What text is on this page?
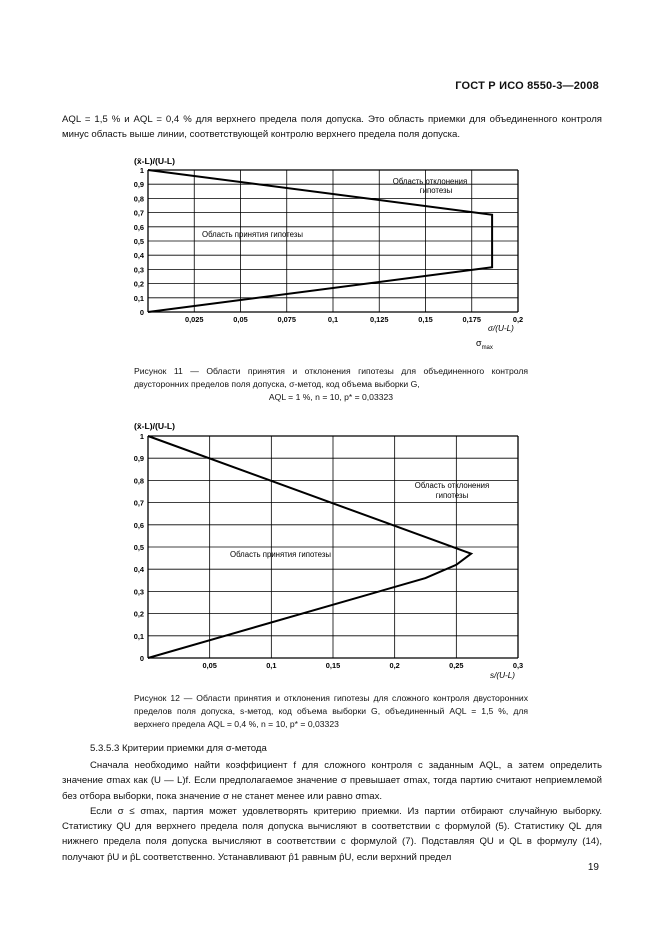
ГОСТ Р ИСО 8550-3—2008
AQL = 1,5 % и AQL = 0,4 % для верхнего предела поля допуска. Это область приемки для объединенного контроля минус область выше линии, соответствующей контролю верхнего предела поля допуска.
(x̄-L)/(U-L)
0,025	0,05	0,075	0,1	0,125	0,15	0,175	0,2
0
0,1
0,2
0,3
0,4
0,5
0,6
0,7
0,8
0,9
1
Область отклонения
гипотезы
Область принятия гипотезы
σ/(U-L)
$\sigma_{max}$
Рисунок 11 — Области принятия и отклонения гипотезы для объединенного контроля двусторонних пределов поля допуска, σ-метод, код объема выборки G,
AQL = 1 %, n = 10, p* = 0,03323
(x̄-L)/(U-L)
0,05	0,1	0,15	0,2	0,25	0,3
0
0,1
0,2
0,3
0,4
0,5
0,6
0,7
0,8
0,9
1
Область отклонения
гипотезы
Область принятия гипотезы
s/(U-L)
Рисунок 12 — Области принятия и отклонения гипотезы для сложного контроля двусторонних пределов поля допуска, s-метод, код объема выборки G, объединенный AQL = 1,5 %, для верхнего предела AQL = 0,4 %, n = 10, p* = 0,03323
5.3.5.3 Критерии приемки для σ-метода
Сначала необходимо найти коэффициент f для сложного контроля с заданным AQL, а затем определить значение σmax как (U — L)f. Если предполагаемое значение σ превышает σmax, тогда партию считают неприемлемой без отбора выборки, пока значение σ не станет менее или равно σmax.
Если σ ≤ σmax, партия может удовлетворять критерию приемки. Из партии отбирают случайную выборку. Статистику QU для верхнего предела поля допуска вычисляют в соответствии с формулой (5). Статистику QL для нижнего предела поля допуска вычисляют в соответствии с формулой (7). Подставляя QU и QL в формулу (14), получают p̂U и p̂L соответственно. Устанавливают p̂1 равным p̂U, если верхний предел
19
